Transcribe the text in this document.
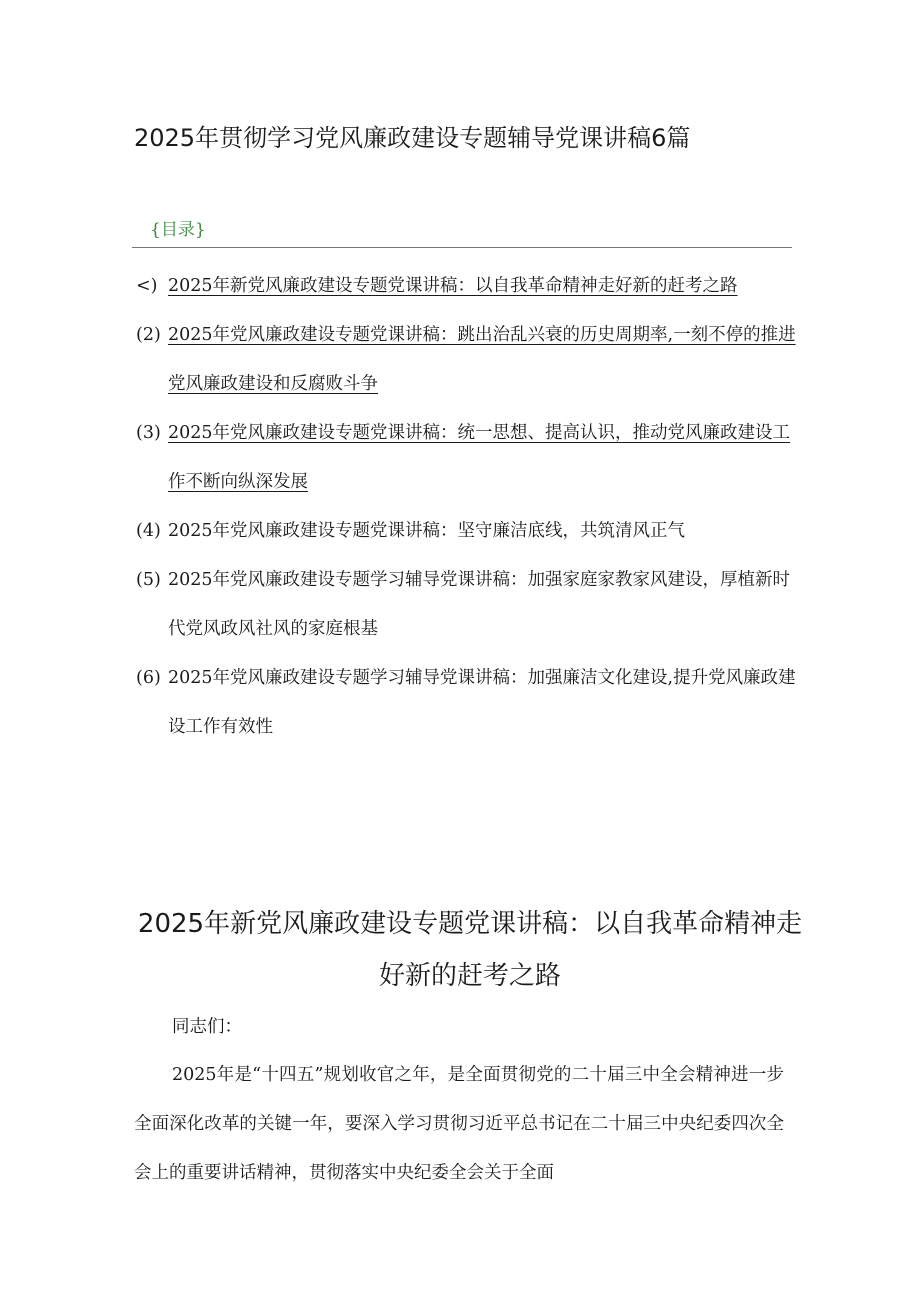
2025年贯彻学习党风廉政建设专题辅导党课讲稿6篇
{目录}
<) 2025年新党风廉政建设专题党课讲稿：以自我革命精神走好新的赶考之路
(2) 2025年党风廉政建设专题党课讲稿：跳出治乱兴衰的历史周期率,一刻不停的推进党风廉政建设和反腐败斗争
(3) 2025年党风廉政建设专题党课讲稿：统一思想、提高认识，推动党风廉政建设工作不断向纵深发展
(4) 2025年党风廉政建设专题党课讲稿：坚守廉洁底线，共筑清风正气
(5) 2025年党风廉政建设专题学习辅导党课讲稿：加强家庭家教家风建设，厚植新时代党风政风社风的家庭根基
(6) 2025年党风廉政建设专题学习辅导党课讲稿：加强廉洁文化建设,提升党风廉政建设工作有效性
2025年新党风廉政建设专题党课讲稿：以自我革命精神走好新的赶考之路
同志们：
2025年是“十四五”规划收官之年，是全面贯彻党的二十届三中全会精神进一步全面深化改革的关键一年，要深入学习贯彻习近平总书记在二十届三中央纪委四次全会上的重要讲话精神，贯彻落实中央纪委全会关于全面
